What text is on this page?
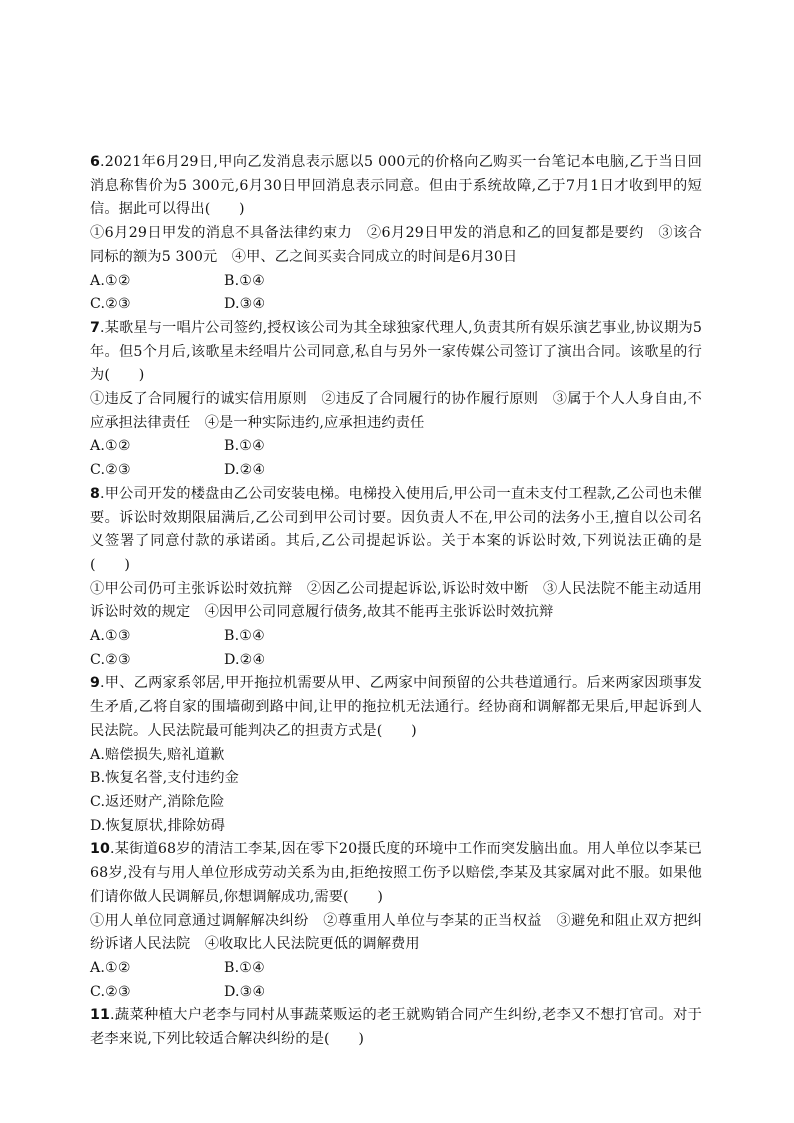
6.2021年6月29日,甲向乙发消息表示愿以5 000元的价格向乙购买一台笔记本电脑,乙于当日回消息称售价为5 300元,6月30日甲回消息表示同意。但由于系统故障,乙于7月1日才收到甲的短信。据此可以得出(　　)

①6月29日甲发的消息不具备法律约束力　②6月29日甲发的消息和乙的回复都是要约　③该合同标的额为5 300元　④甲、乙之间买卖合同成立的时间是6月30日

A.①②	B.①④
C.②③	D.③④

7.某歌星与一唱片公司签约,授权该公司为其全球独家代理人,负责其所有娱乐演艺事业,协议期为5年。但5个月后,该歌星未经唱片公司同意,私自与另外一家传媒公司签订了演出合同。该歌星的行为(　　)

①违反了合同履行的诚实信用原则　②违反了合同履行的协作履行原则　③属于个人人身自由,不应承担法律责任　④是一种实际违约,应承担违约责任

A.①②	B.①④
C.②③	D.②④

8.甲公司开发的楼盘由乙公司安装电梯。电梯投入使用后,甲公司一直未支付工程款,乙公司也未催要。诉讼时效期限届满后,乙公司到甲公司讨要。因负责人不在,甲公司的法务小王,擅自以公司名义签署了同意付款的承诺函。其后,乙公司提起诉讼。关于本案的诉讼时效,下列说法正确的是(　　)

①甲公司仍可主张诉讼时效抗辩　②因乙公司提起诉讼,诉讼时效中断　③人民法院不能主动适用诉讼时效的规定　④因甲公司同意履行债务,故其不能再主张诉讼时效抗辩

A.①③	B.①④
C.②③	D.②④

9.甲、乙两家系邻居,甲开拖拉机需要从甲、乙两家中间预留的公共巷道通行。后来两家因琐事发生矛盾,乙将自家的围墙砌到路中间,让甲的拖拉机无法通行。经协商和调解都无果后,甲起诉到人民法院。人民法院最可能判决乙的担责方式是(　　)

A.赔偿损失,赔礼道歉
B.恢复名誉,支付违约金
C.返还财产,消除危险
D.恢复原状,排除妨碍

10.某街道68岁的清洁工李某,因在零下20摄氏度的环境中工作而突发脑出血。用人单位以李某已68岁,没有与用人单位形成劳动关系为由,拒绝按照工伤予以赔偿,李某及其家属对此不服。如果他们请你做人民调解员,你想调解成功,需要(　　)

①用人单位同意通过调解解决纠纷　②尊重用人单位与李某的正当权益　③避免和阻止双方把纠纷诉诸人民法院　④收取比人民法院更低的调解费用

A.①②	B.①④
C.②③	D.③④

11.蔬菜种植大户老李与同村从事蔬菜贩运的老王就购销合同产生纠纷,老李又不想打官司。对于老李来说,下列比较适合解决纠纷的是(　　)
